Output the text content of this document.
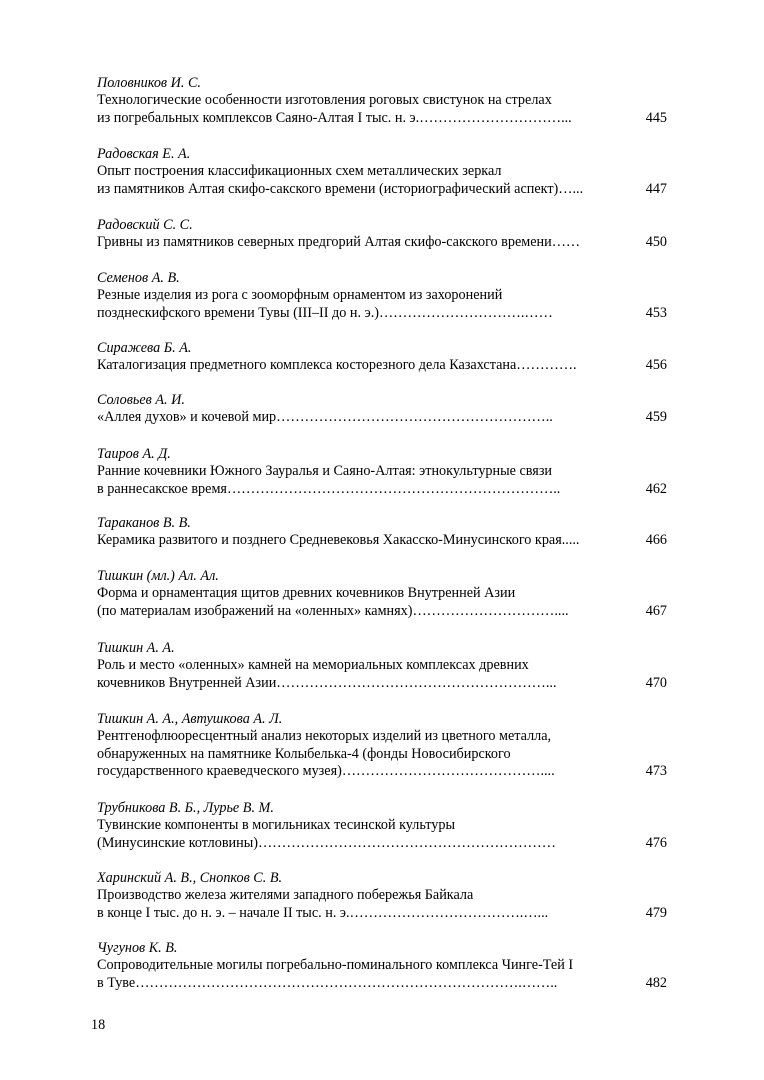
Половников И. С.
Технологические особенности изготовления роговых свистунок на стрелах
из погребальных комплексов Саяно-Алтая I тыс. н. э.…………………………...	445
Радовская Е. А.
Опыт построения классификационных схем металлических зеркал
из памятников Алтая скифо-сакского времени (историографический аспект)…...	447
Радовский С. С.
Гривны из памятников северных предгорий Алтая скифо-сакского времени……	450
Семенов А. В.
Резные изделия из рога с зооморфным орнаментом из захоронений
позднескифского времени Тувы (III–II до н. э.)………………………….……	453
Сиражева Б. А.
Каталогизация предметного комплекса косторезного дела Казахстана………….	456
Соловьев А. И.
«Аллея духов» и кочевой мир…………………………………………………..	459
Таиров А. Д.
Ранние кочевники Южного Зауралья и Саяно-Алтая: этнокультурные связи
в раннесакское время……………………………………………………………..	462
Тараканов В. В.
Керамика развитого и позднего Средневековья Хакасско-Минусинского края.....	466
Тишкин (мл.) Ал. Ал.
Форма и орнаментация щитов древних кочевников Внутренней Азии
(по материалам изображений на «оленных» камнях)…………………………....	467
Тишкин А. А.
Роль и место «оленных» камней на мемориальных комплексах древних
кочевников Внутренней Азии…………………………………………………...	470
Тишкин А. А., Автушкова А. Л.
Рентгенофлюоресцентный анализ некоторых изделий из цветного металла,
обнаруженных на памятнике Колыбелька-4 (фонды Новосибирского
государственного краеведческого музея)……………………………………....	473
Трубникова В. Б., Лурье В. М.
Тувинские компоненты в могильниках тесинской культуры
(Минусинские котловины)………………………………………………………	476
Харинский А. В., Снопков С. В.
Производство железа жителями западного побережья Байкала
в конце I тыс. до н. э. – начале II тыс. н. э.……………………………….…...	479
Чугунов К. В.
Сопроводительные могилы погребально-поминального комплекса Чинге-Тей I
в Туве……………………………………………………………………….……..	482
18
